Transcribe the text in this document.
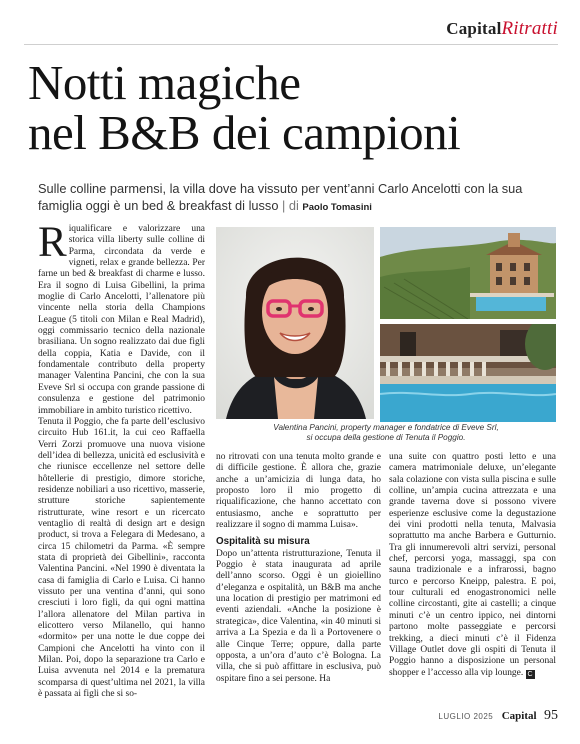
CapitalRitratti
Notti magiche
nel B&B dei campioni
Sulle colline parmensi, la villa dove ha vissuto per vent’anni Carlo Ancelotti con la sua famiglia oggi è un bed & breakfast di lusso | di Paolo Tomasini

Riqualificare e valorizzare una storica villa liberty sulle colline di Parma, circondata da verde e vigneti, relax e grande bellezza. Per farne un bed & breakfast di charme e lusso. Era il sogno di Luisa Gibellini, la prima moglie di Carlo Ancelotti, l’allenatore più vincente nella storia della Champions League (5 titoli con Milan e Real Madrid), oggi commissario tecnico della nazionale brasiliana. Un sogno realizzato dai due figli della coppia, Katia e Davide, con il fondamentale contributo della property manager Valentina Pancini, che con la sua Eveve Srl si occupa con grande passione di consulenza e gestione del patrimonio immobiliare in ambito turistico ricettivo.

Tenuta il Poggio, che fa parte dell’esclusivo circuito Hub 161.it, la cui ceo Raffaella Verri Zorzi promuove una nuova visione dell’idea di bellezza, unicità ed esclusività e che riunisce eccellenze nel settore delle hôtellerie di prestigio, dimore storiche, residenze nobiliari a uso ricettivo, masserie, strutture storiche sapientemente ristrutturate, wine resort e un ricercato ventaglio di realtà di design art e design product, si trova a Felegara di Medesano, a circa 15 chilometri da Parma. «È sempre stata di proprietà dei Gibellini», racconta Valentina Pancini. «Nel 1990 è diventata la casa di famiglia di Carlo e Luisa. Ci hanno vissuto per una ventina d’anni, qui sono cresciuti i loro figli, da qui ogni mattina l’allora allenatore del Milan partiva in elicottero verso Milanello, qui hanno «dormito» per una notte le due coppe dei Campioni che Ancelotti ha vinto con il Milan. Poi, dopo la separazione tra Carlo e Luisa avvenuta nel 2014 e la prematura scomparsa di quest’ultima nel 2021, la villa è passata ai figli che si so-

Valentina Pancini, property manager e fondatrice di Eveve Srl,
si occupa della gestione di Tenuta il Poggio.

no ritrovati con una tenuta molto grande e di difficile gestione. È allora che, grazie anche a un’amicizia di lunga data, ho proposto loro il mio progetto di riqualificazione, che hanno accettato con entusiasmo, anche e soprattutto per realizzare il sogno di mamma Luisa».

Ospitalità su misura

Dopo un’attenta ristrutturazione, Tenuta il Poggio è stata inaugurata ad aprile dell’anno scorso. Oggi è un gioiellino d’eleganza e ospitalità, un B&B ma anche una location di prestigio per matrimoni ed eventi aziendali. «Anche la posizione è strategica», dice Valentina, «in 40 minuti si arriva a La Spezia e da lì a Portovenere o alle Cinque Terre; oppure, dalla parte opposta, a un’ora d’auto c’è Bologna. La villa, che si può affittare in esclusiva, può ospitare fino a sei persone. Ha

una suite con quattro posti letto e una camera matrimoniale deluxe, un’elegante sala colazione con vista sulla piscina e sulle colline, un’ampia cucina attrezzata e una grande taverna dove si possono vivere esperienze esclusive come la degustazione dei vini prodotti nella tenuta, Malvasia soprattutto ma anche Barbera e Gutturnio. Tra gli innumerevoli altri servizi, personal chef, percorsi yoga, massaggi, spa con sauna tradizionale e a infrarossi, bagno turco e percorso Kneipp, palestra. E poi, tour culturali ed enogastronomici nelle colline circostanti, gite ai castelli; a cinque minuti c’è un centro ippico, nei dintorni partono molte passeggiate e percorsi trekking, a dieci minuti c’è il Fidenza Village Outlet dove gli ospiti di Tenuta il Poggio hanno a disposizione un personal shopper e l’accesso alla vip lounge. C

LUGLIO 2025 Capital 95
